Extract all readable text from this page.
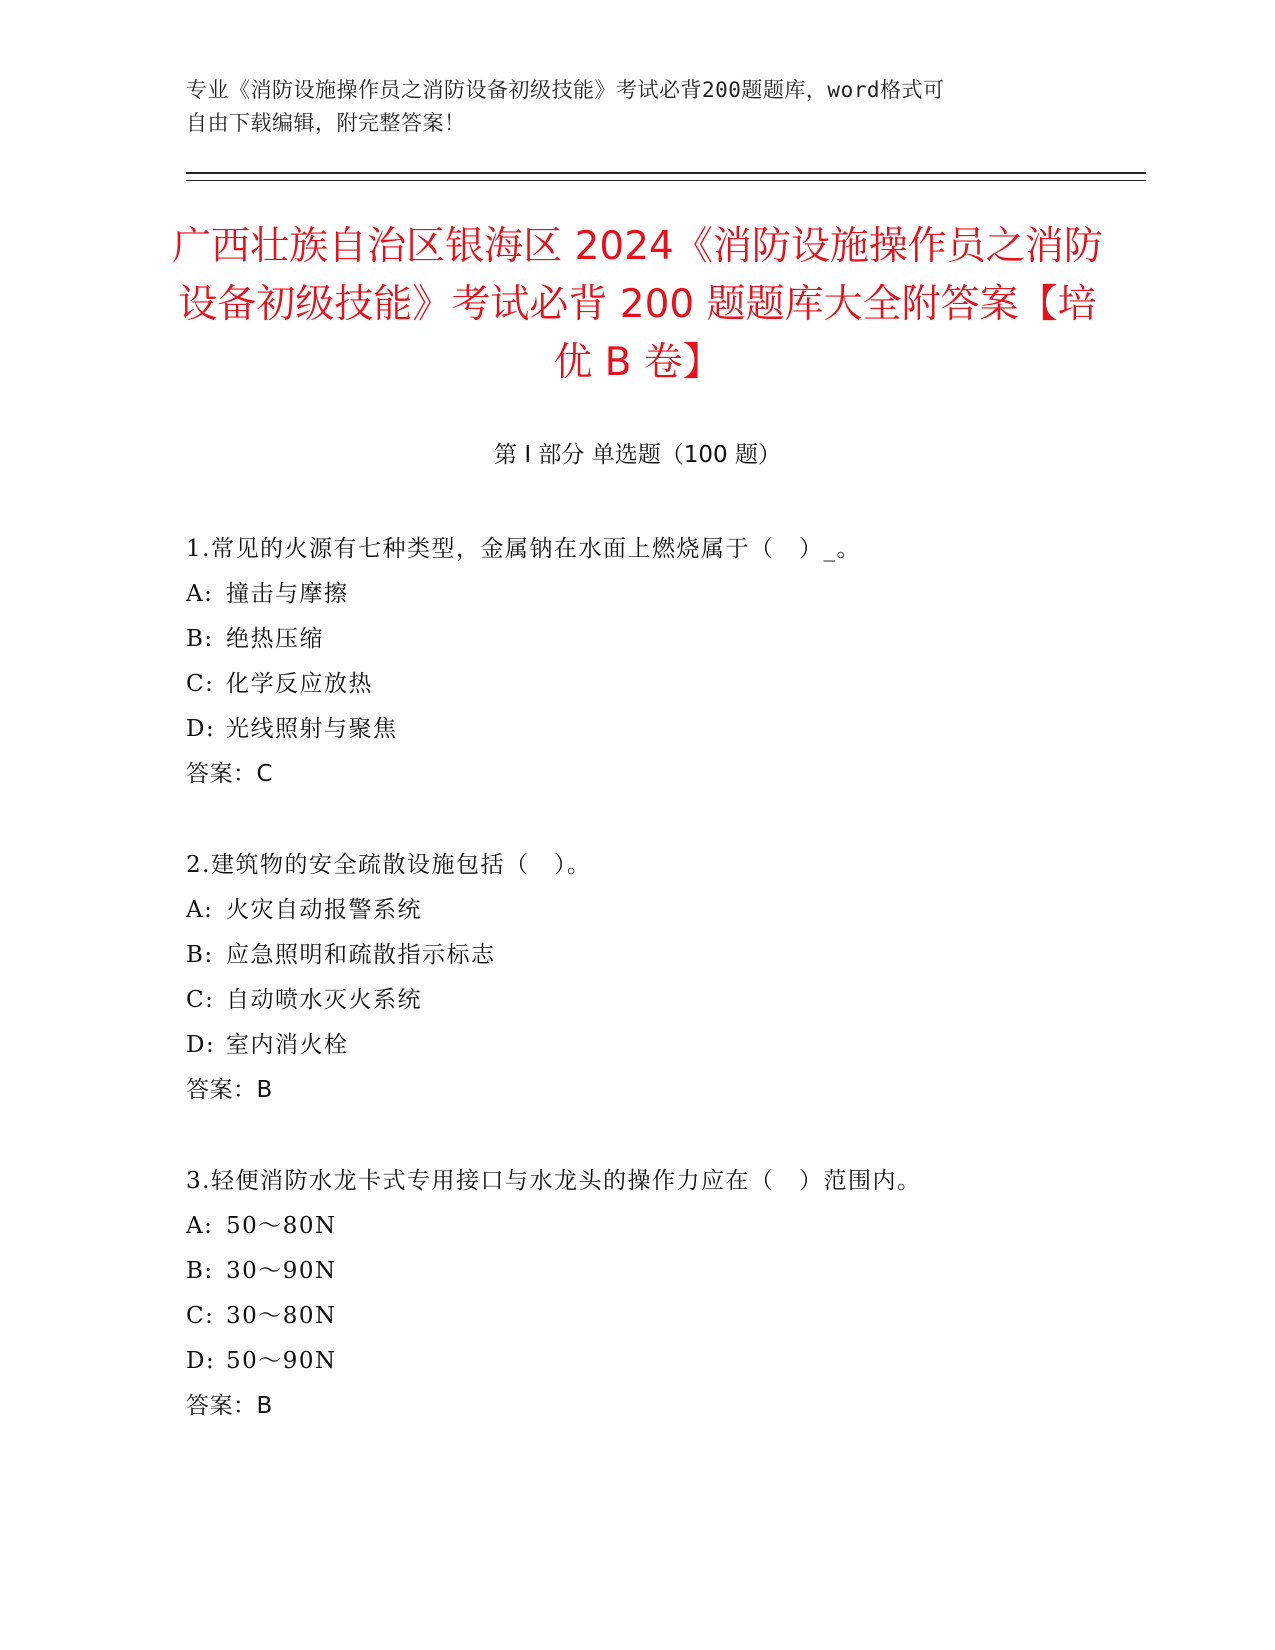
专业《消防设施操作员之消防设备初级技能》考试必背200题题库，word格式可
自由下载编辑，附完整答案！
广西壮族自治区银海区 2024《消防设施操作员之消防设备初级技能》考试必背 200 题题库大全附答案【培优 B 卷】
第 I 部分 单选题（100 题）
1.常见的火源有七种类型，金属钠在水面上燃烧属于（　）_。
A: 撞击与摩擦
B: 绝热压缩
C: 化学反应放热
D: 光线照射与聚焦
答案：C
2.建筑物的安全疏散设施包括（　）。
A: 火灾自动报警系统
B: 应急照明和疏散指示标志
C: 自动喷水灭火系统
D: 室内消火栓
答案：B
3.轻便消防水龙卡式专用接口与水龙头的操作力应在（　）范围内。
A: 50～80N
B: 30～90N
C: 30～80N
D: 50～90N
答案：B
